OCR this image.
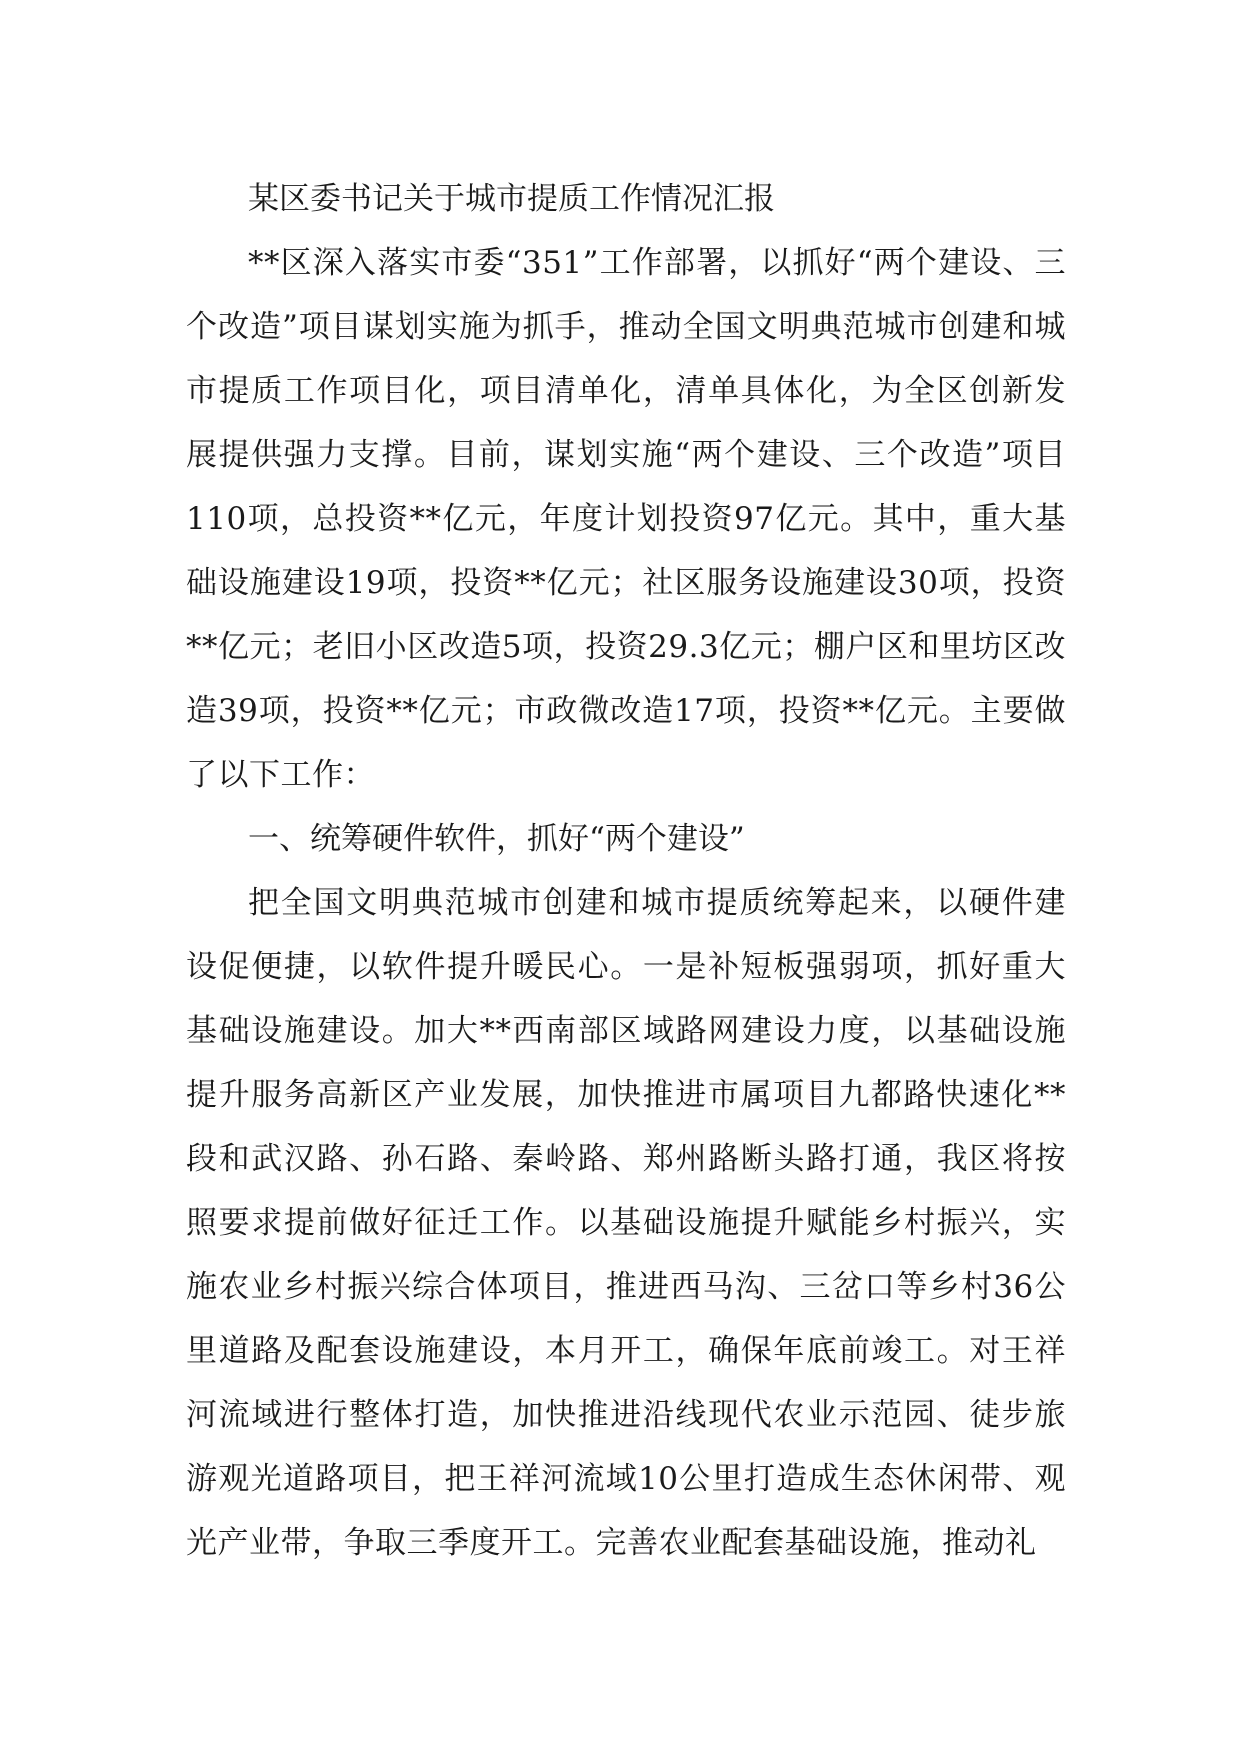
某区委书记关于城市提质工作情况汇报

**区深入落实市委“351”工作部署，以抓好“两个建设、三个改造”项目谋划实施为抓手，推动全国文明典范城市创建和城市提质工作项目化，项目清单化，清单具体化，为全区创新发展提供强力支撑。目前，谋划实施“两个建设、三个改造”项目110项，总投资**亿元，年度计划投资97亿元。其中，重大基础设施建设19项，投资**亿元；社区服务设施建设30项，投资**亿元；老旧小区改造5项，投资29.3亿元；棚户区和里坊区改造39项，投资**亿元；市政微改造17项，投资**亿元。主要做了以下工作：

一、统筹硬件软件，抓好“两个建设”

把全国文明典范城市创建和城市提质统筹起来，以硬件建设促便捷，以软件提升暖民心。一是补短板强弱项，抓好重大基础设施建设。加大**西南部区域路网建设力度，以基础设施提升服务高新区产业发展，加快推进市属项目九都路快速化**段和武汉路、孙石路、秦岭路、郑州路断头路打通，我区将按照要求提前做好征迁工作。以基础设施提升赋能乡村振兴，实施农业乡村振兴综合体项目，推进西马沟、三岔口等乡村36公里道路及配套设施建设，本月开工，确保年底前竣工。对王祥河流域进行整体打造，加快推进沿线现代农业示范园、徒步旅游观光道路项目，把王祥河流域10公里打造成生态休闲带、观光产业带，争取三季度开工。完善农业配套基础设施，推动礼
